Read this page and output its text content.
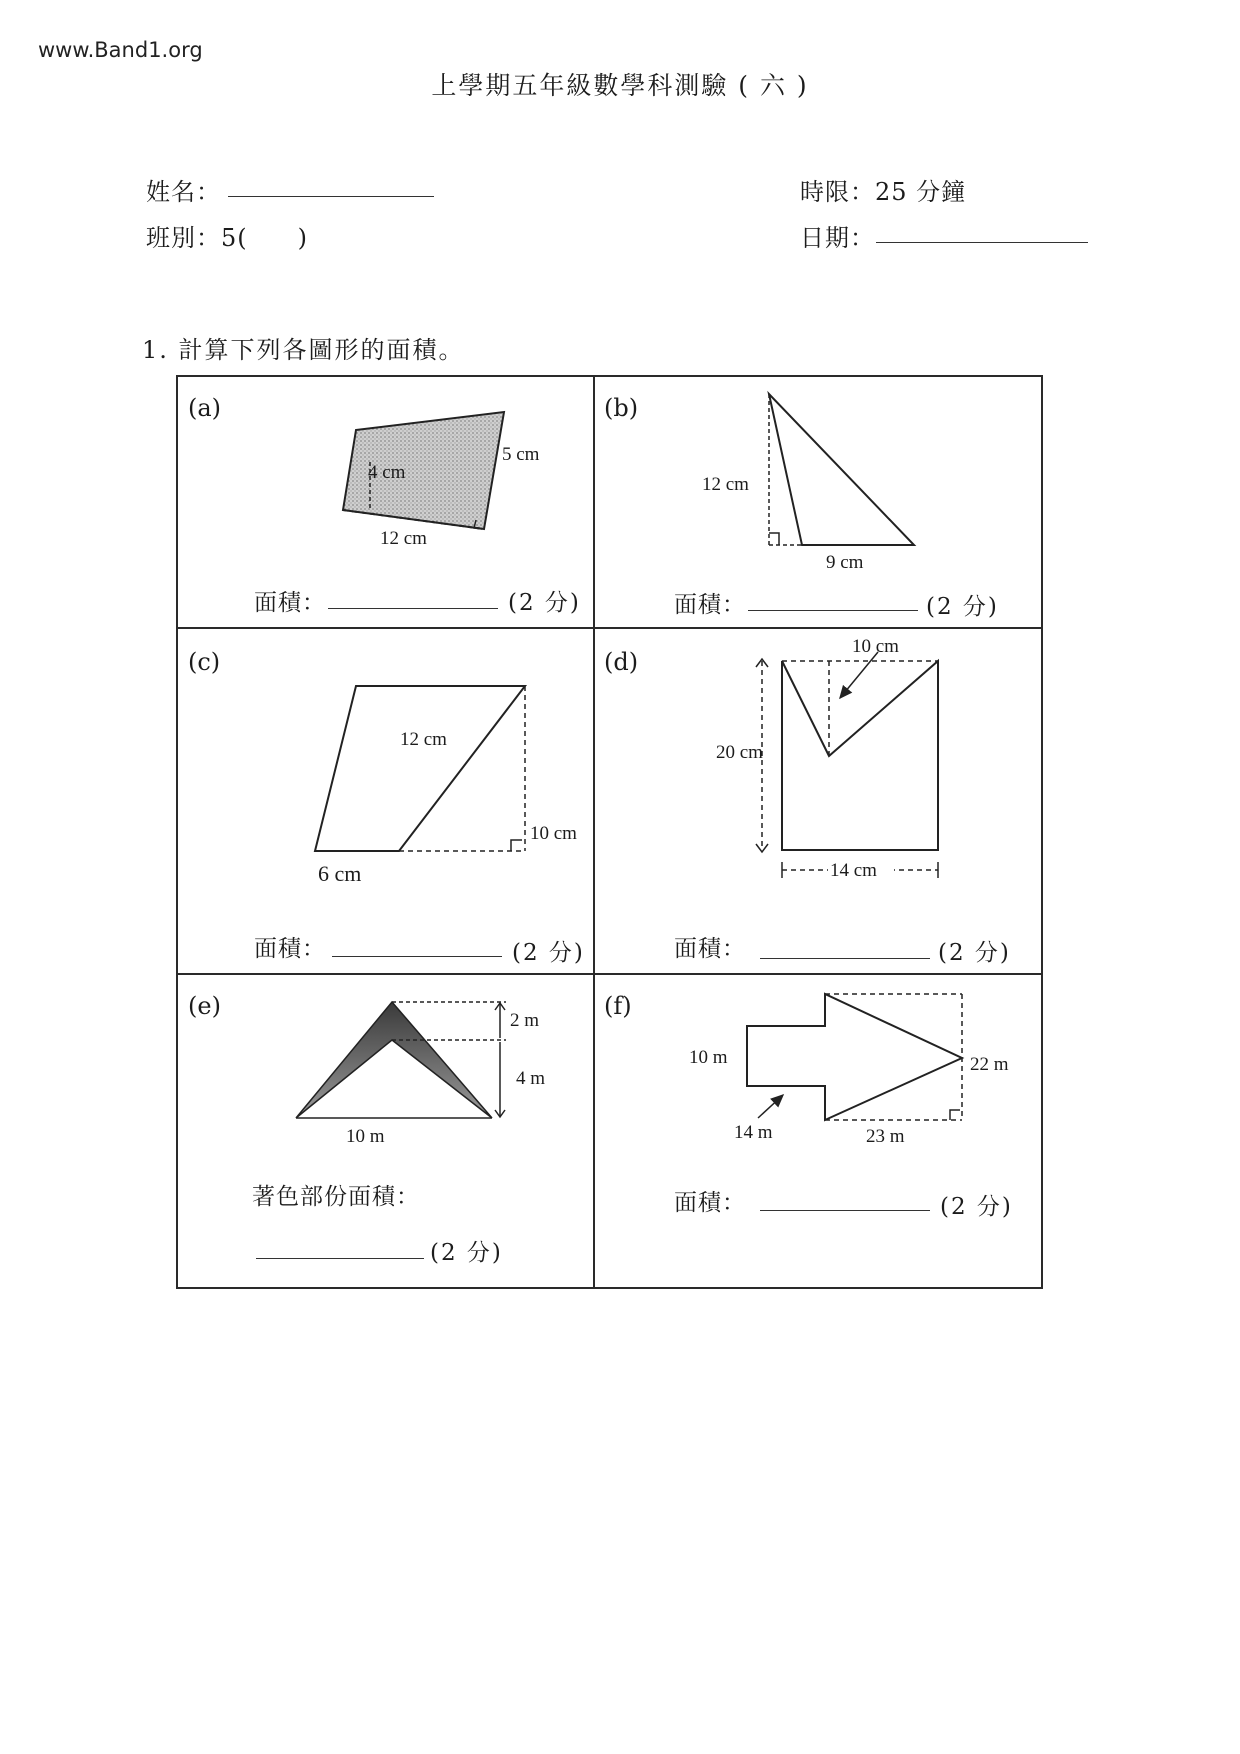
www.Band1.org
上學期五年級數學科測驗 ( 六 )
姓名：
班別：5(　　)
時限：25 分鐘
日期：
1. 計算下列各圖形的面積。
(a)	(b)
(c)	(d)
(e)	(f)
面積：	(2 分)	面積：	(2 分)
面積：	(2 分)	面積：	(2 分)
著色部份面積：
(2 分)
面積：	(2 分)
4 cm
5 cm
12 cm
12 cm
9 cm
12 cm
10 cm
6 cm
10 cm
20 cm
14 cm
2 m
4 m
10 m
10 m	22 m
14 m	23 m
